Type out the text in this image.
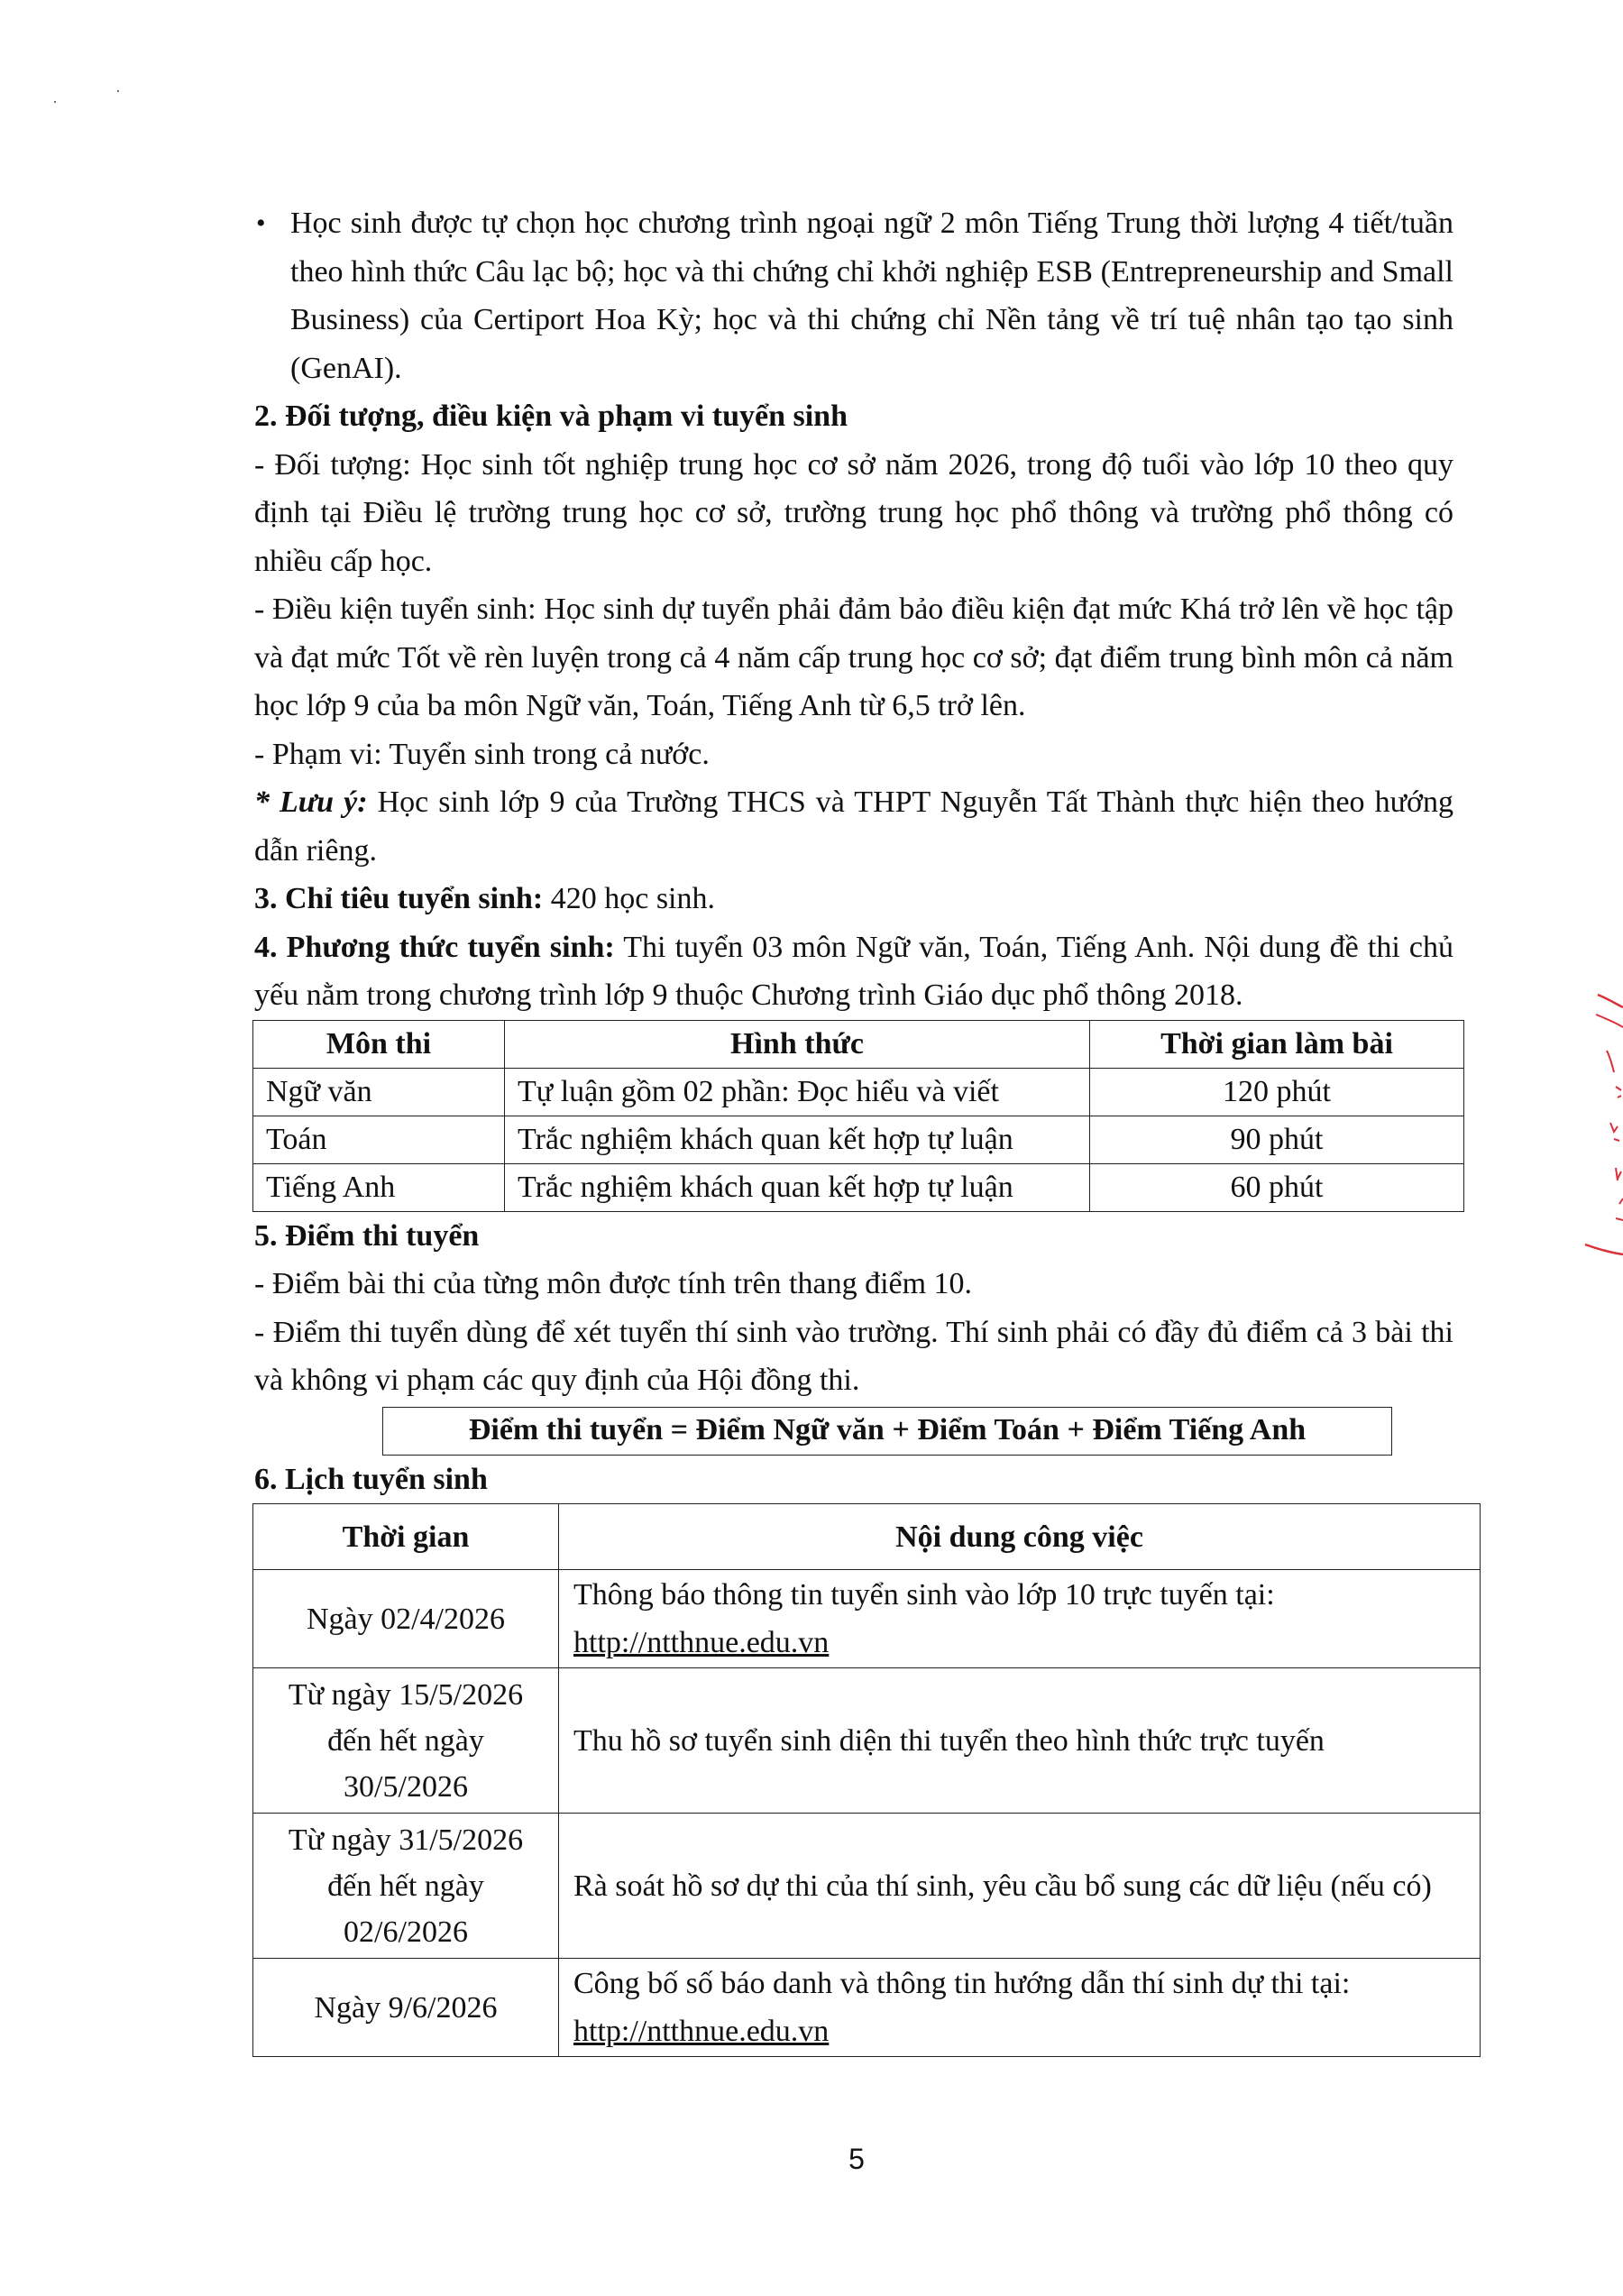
·
·

• Học sinh được tự chọn học chương trình ngoại ngữ 2 môn Tiếng Trung thời lượng 4 tiết/tuần theo hình thức Câu lạc bộ; học và thi chứng chỉ khởi nghiệp ESB (Entrepreneurship and Small Business) của Certiport Hoa Kỳ; học và thi chứng chỉ Nền tảng về trí tuệ nhân tạo tạo sinh (GenAI).

2. Đối tượng, điều kiện và phạm vi tuyển sinh

- Đối tượng: Học sinh tốt nghiệp trung học cơ sở năm 2026, trong độ tuổi vào lớp 10 theo quy định tại Điều lệ trường trung học cơ sở, trường trung học phổ thông và trường phổ thông có nhiều cấp học.

- Điều kiện tuyển sinh: Học sinh dự tuyển phải đảm bảo điều kiện đạt mức Khá trở lên về học tập và đạt mức Tốt về rèn luyện trong cả 4 năm cấp trung học cơ sở; đạt điểm trung bình môn cả năm học lớp 9 của ba môn Ngữ văn, Toán, Tiếng Anh từ 6,5 trở lên.

- Phạm vi: Tuyển sinh trong cả nước.

* Lưu ý: Học sinh lớp 9 của Trường THCS và THPT Nguyễn Tất Thành thực hiện theo hướng dẫn riêng.

3. Chỉ tiêu tuyển sinh: 420 học sinh.

4. Phương thức tuyển sinh: Thi tuyển 03 môn Ngữ văn, Toán, Tiếng Anh. Nội dung đề thi chủ yếu nằm trong chương trình lớp 9 thuộc Chương trình Giáo dục phổ thông 2018.

Môn thi	Hình thức	Thời gian làm bài
Ngữ văn	Tự luận gồm 02 phần: Đọc hiểu và viết	120 phút
Toán	Trắc nghiệm khách quan kết hợp tự luận	90 phút
Tiếng Anh	Trắc nghiệm khách quan kết hợp tự luận	60 phút
5. Điểm thi tuyển

- Điểm bài thi của từng môn được tính trên thang điểm 10.

- Điểm thi tuyển dùng để xét tuyển thí sinh vào trường. Thí sinh phải có đầy đủ điểm cả 3 bài thi và không vi phạm các quy định của Hội đồng thi.

Điểm thi tuyển = Điểm Ngữ văn + Điểm Toán + Điểm Tiếng Anh
6. Lịch tuyển sinh
Thời gian	Nội dung công việc
Ngày 02/4/2026	Thông báo thông tin tuyển sinh vào lớp 10 trực tuyến tại:
http://ntthnue.edu.vn
Từ ngày 15/5/2026
đến hết ngày
30/5/2026	Thu hồ sơ tuyển sinh diện thi tuyển theo hình thức trực tuyến
Từ ngày 31/5/2026
đến hết ngày
02/6/2026	Rà soát hồ sơ dự thi của thí sinh, yêu cầu bổ sung các dữ liệu (nếu có)
Ngày 9/6/2026	Công bố số báo danh và thông tin hướng dẫn thí sinh dự thi tại:
http://ntthnue.edu.vn
5
